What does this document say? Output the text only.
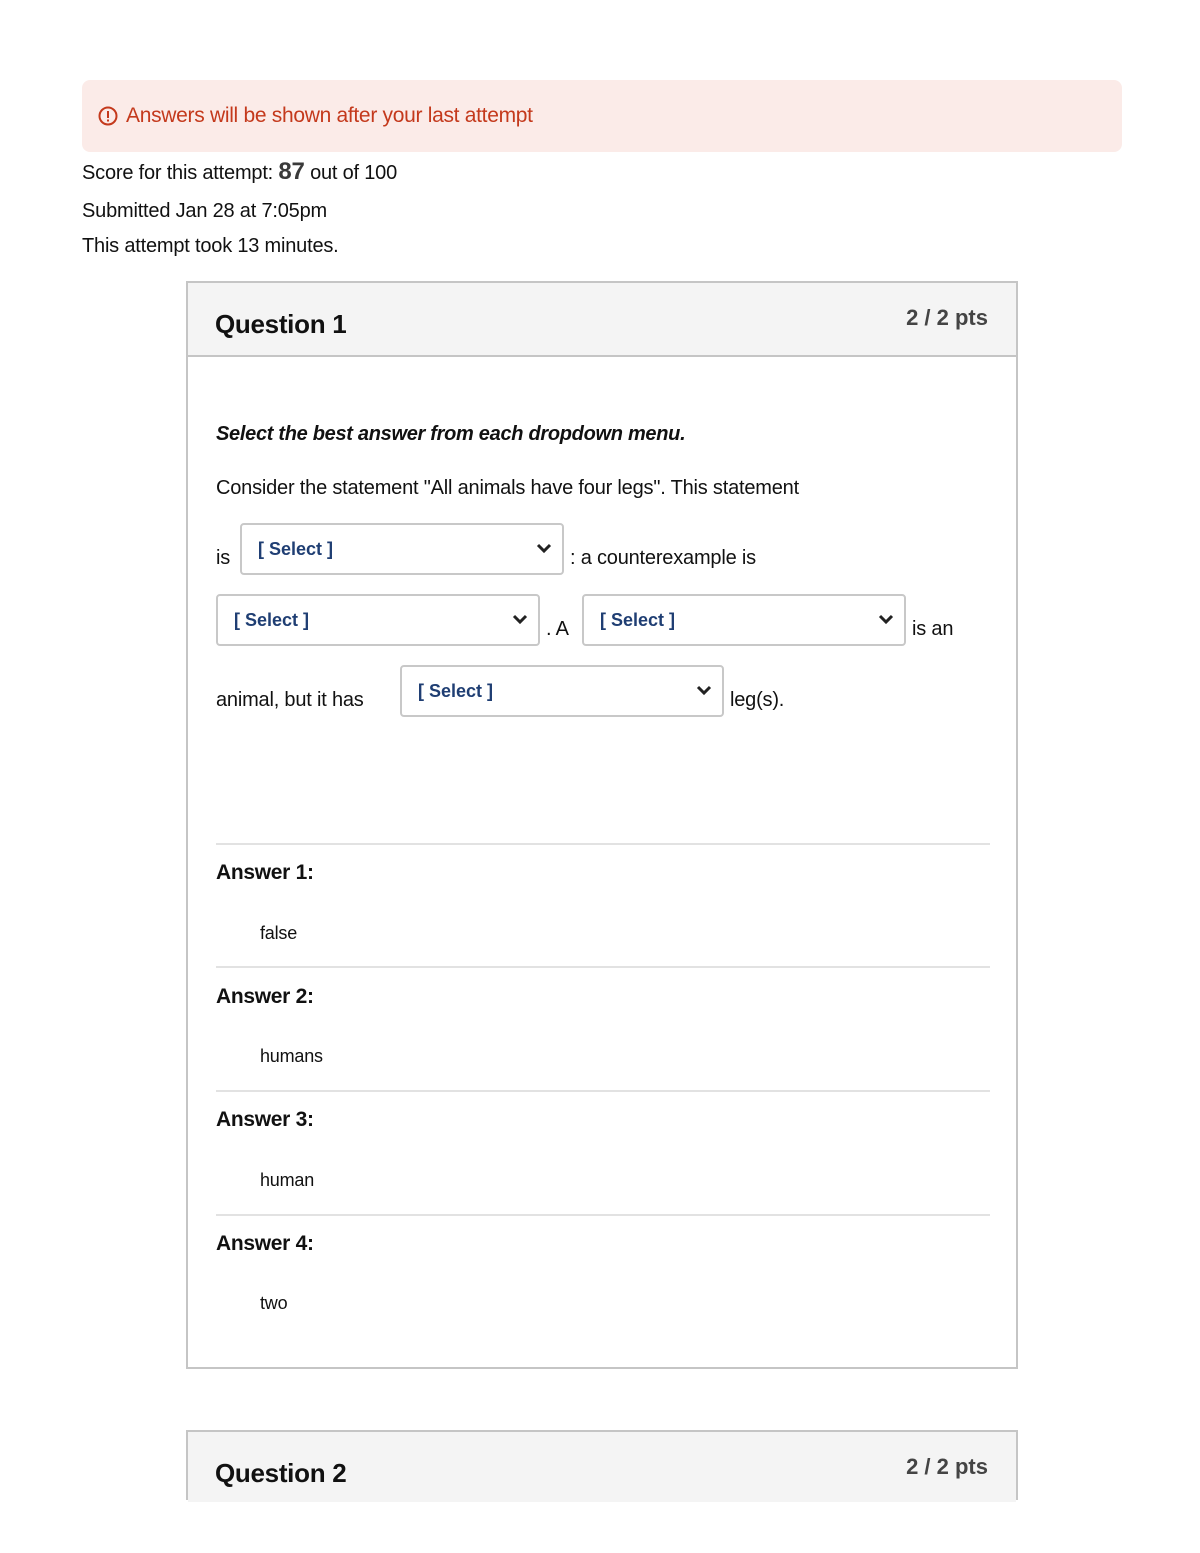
Answers will be shown after your last attempt
Score for this attempt: 87 out of 100
Submitted Jan 28 at 7:05pm
This attempt took 13 minutes.
Question 1	2 / 2 pts
Select the best answer from each dropdown menu.
Consider the statement "All animals have four legs". This statement
is [ Select ]	: a counterexample is
[ Select ]	. A [ Select ]	is an
animal, but it has	[ Select ]	leg(s).
Answer 1:
false
Answer 2:
humans
Answer 3:
human
Answer 4:
two
Question 2	2 / 2 pts
